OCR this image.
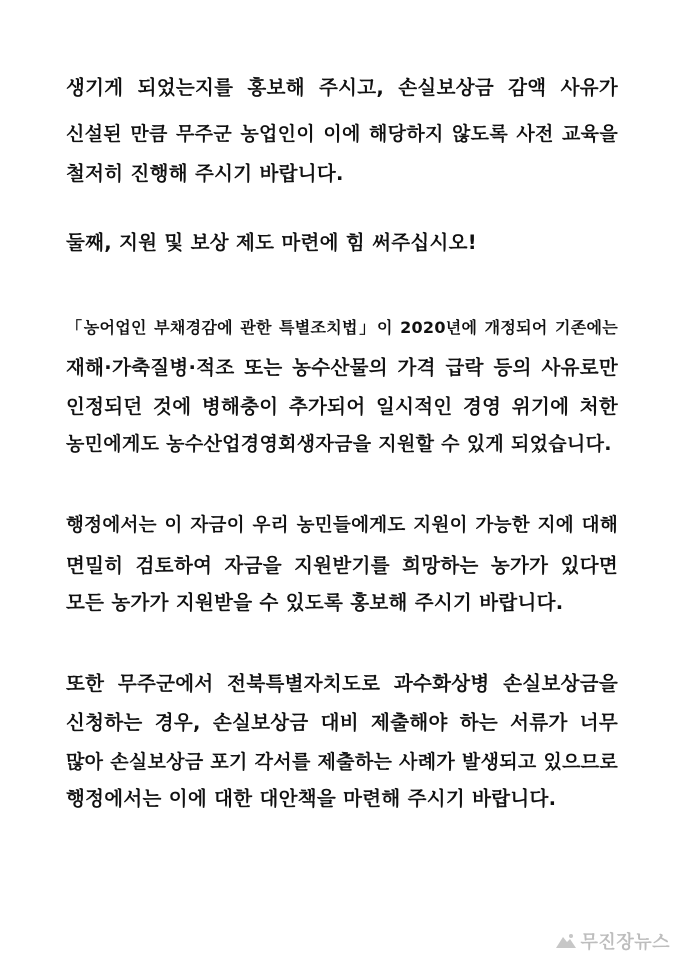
생기게 되었는지를 홍보해 주시고, 손실보상금 감액 사유가
신설된 만큼 무주군 농업인이 이에 해당하지 않도록 사전 교육을
철저히 진행해 주시기 바랍니다.
둘째, 지원 및 보상 제도 마련에 힘 써주십시오!
「농어업인 부채경감에 관한 특별조치법」이 2020년에 개정되어 기존에는
재해·가축질병·적조 또는 농수산물의 가격 급락 등의 사유로만
인정되던 것에 병해충이 추가되어 일시적인 경영 위기에 처한
농민에게도 농수산업경영회생자금을 지원할 수 있게 되었습니다.
행정에서는 이 자금이 우리 농민들에게도 지원이 가능한 지에 대해
면밀히 검토하여 자금을 지원받기를 희망하는 농가가 있다면
모든 농가가 지원받을 수 있도록 홍보해 주시기 바랍니다.
또한 무주군에서 전북특별자치도로 과수화상병 손실보상금을
신청하는 경우, 손실보상금 대비 제출해야 하는 서류가 너무
많아 손실보상금 포기 각서를 제출하는 사례가 발생되고 있으므로
행정에서는 이에 대한 대안책을 마련해 주시기 바랍니다.
무진장뉴스
